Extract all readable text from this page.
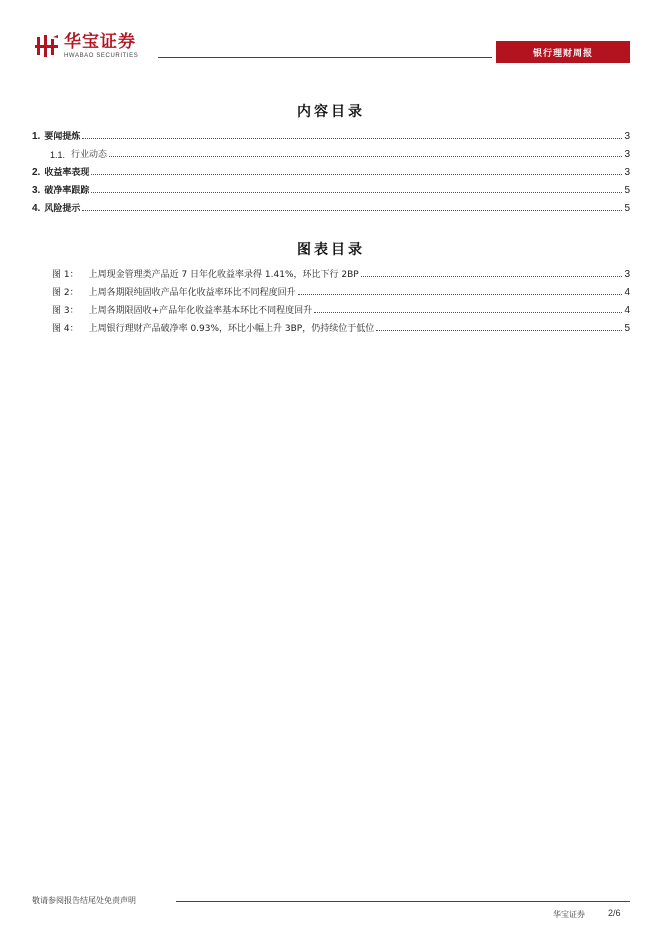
华宝证券
HWABAO SECURITIES	银行理财周报
内容目录
1. 要闻提炼	3
1.1. 行业动态	3
2. 收益率表现	3
3. 破净率跟踪	5
4. 风险提示	5
图表目录
图 1： 上周现金管理类产品近 7 日年化收益率录得 1.41%，环比下行 2BP	3
图 2： 上周各期限纯固收产品年化收益率环比不同程度回升	4
图 3： 上周各期限固收+产品年化收益率基本环比不同程度回升	4
图 4： 上周银行理财产品破净率 0.93%，环比小幅上升 3BP，仍持续位于低位	5
敬请参阅报告结尾处免责声明
华宝证券	2/6
